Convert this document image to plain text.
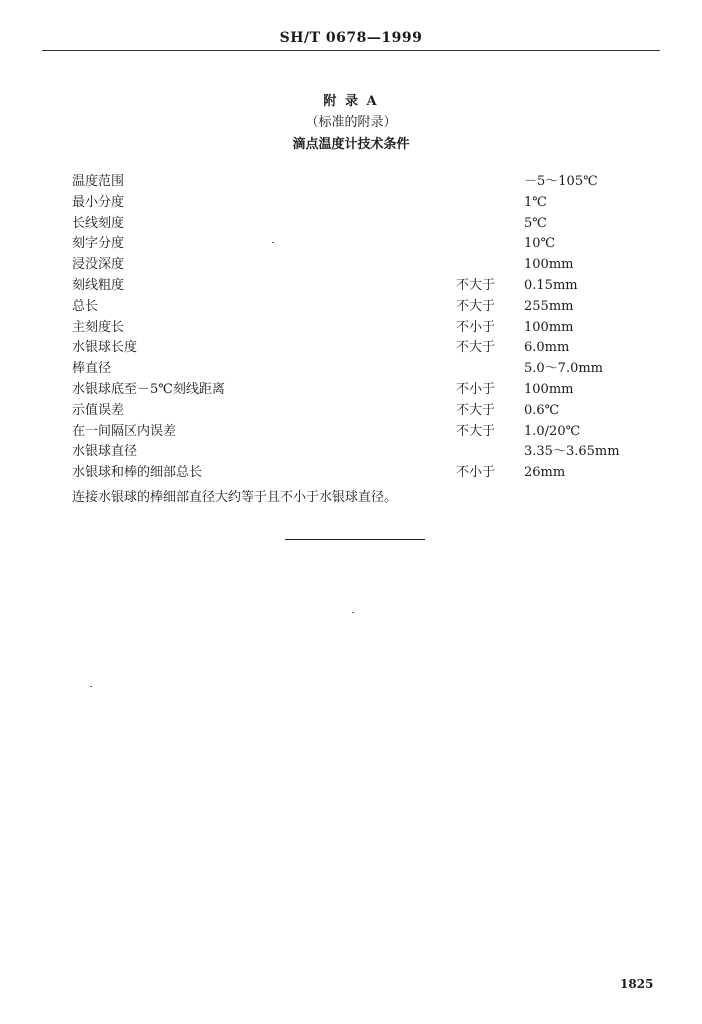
SH/T 0678—1999
附 录 A
（标准的附录）
滴点温度计技术条件
温度范围	－5～105℃
最小分度	1℃
长线刻度	5℃
刻字分度	10℃
浸没深度	100mm
刻线粗度	不大于 0.15mm
总长	不大于 255mm
主刻度长	不小于 100mm
水银球长度	不大于 6.0mm
棒直径	5.0～7.0mm
水银球底至－5℃刻线距离	不小于 100mm
示值误差	不大于 0.6℃
在一间隔区内误差	不大于 1.0/20℃
水银球直径	3.35～3.65mm
水银球和棒的细部总长	不小于 26mm
连接水银球的棒细部直径大约等于且不小于水银球直径。
1825
